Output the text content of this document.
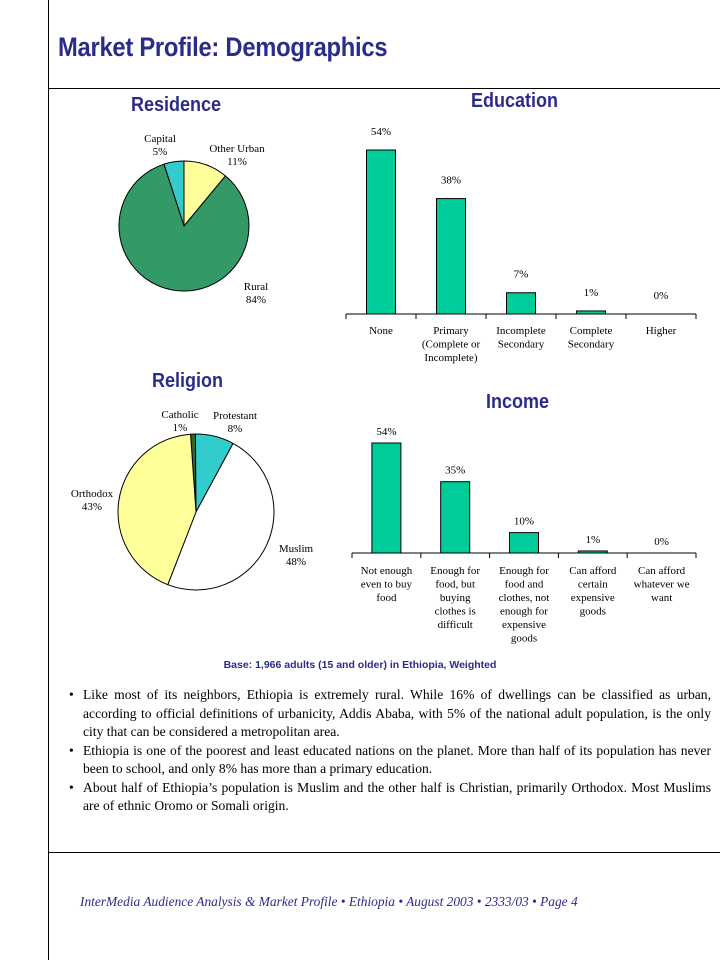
Market Profile: Demographics
Residence	Education
Religion
Income
Capital
5%	Other Urban
11%
Rural
84%
Catholic
1%
Protestant
8%
Muslim
48%
Orthodox
43%
54%
None
38%
Primary
(Complete or
Incomplete)
7%
Incomplete
Secondary
1%
Complete
Secondary
0%
Higher
54%
Not enough
even to buy
food
35%
Enough for
food, but
buying
clothes is
difficult
10%
Enough for
food and
clothes, not
enough for
expensive
goods
1%
Can afford
certain
expensive
goods
0%
Can afford
whatever we
want
Base: 1,966 adults (15 and older) in Ethiopia, Weighted
• Like most of its neighbors, Ethiopia is extremely rural. While 16% of dwellings can be classified as urban, according to official definitions of urbanicity, Addis Ababa, with 5% of the national adult population, is the only city that can be considered a metropolitan area.
• Ethiopia is one of the poorest and least educated nations on the planet. More than half of its population has never been to school, and only 8% has more than a primary education.
• About half of Ethiopia’s population is Muslim and the other half is Christian, primarily Orthodox. Most Muslims are of ethnic Oromo or Somali origin.
InterMedia Audience Analysis & Market Profile • Ethiopia • August 2003 • 2333/03 • Page 4
